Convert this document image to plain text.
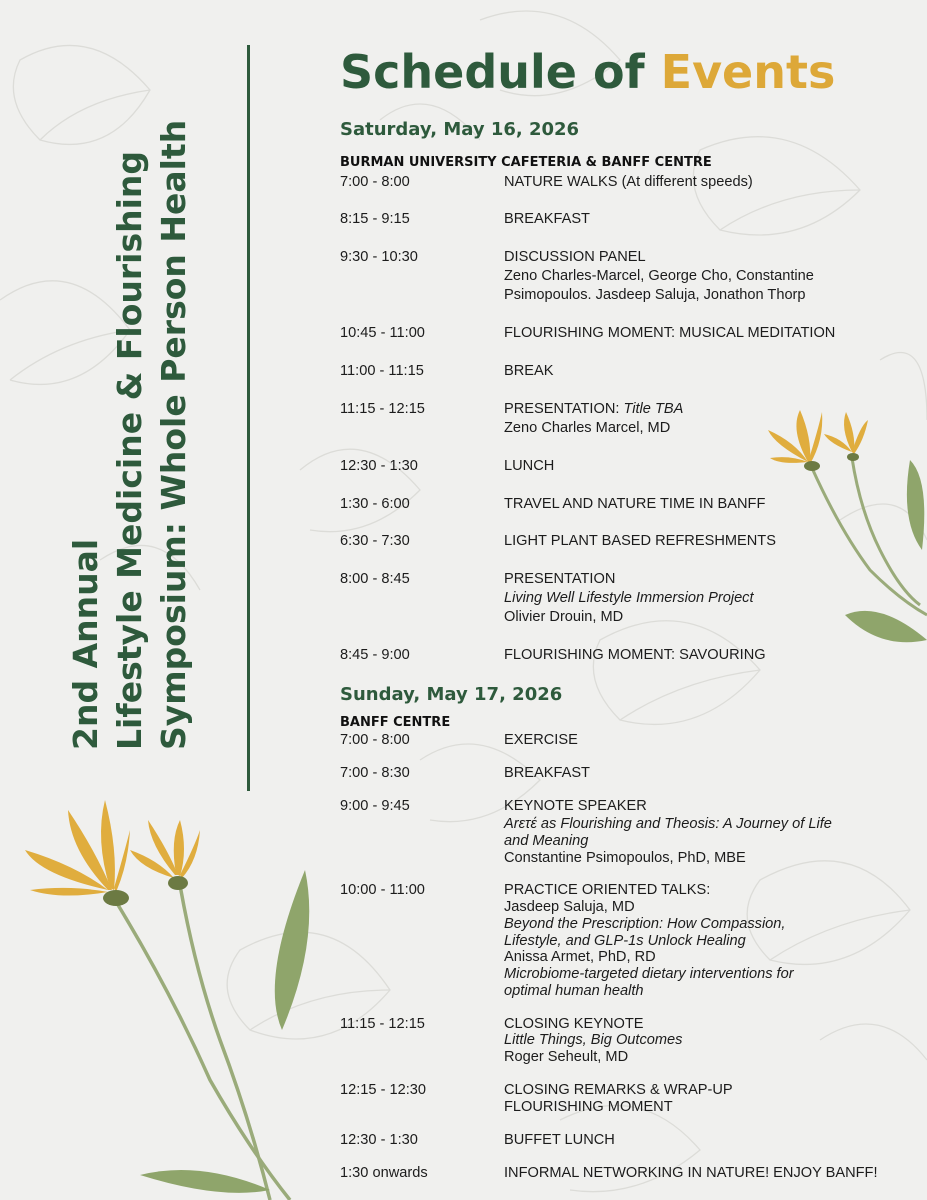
2nd Annual Lifestyle Medicine & Flourishing Symposium: Whole Person Health
Schedule of Events
Saturday, May 16, 2026
BURMAN UNIVERSITY CAFETERIA & BANFF CENTRE
7:00 - 8:00	NATURE WALKS (At different speeds)
8:15 - 9:15	BREAKFAST
9:30 - 10:30	DISCUSSION PANEL
Zeno Charles-Marcel, George Cho, Constantine
Psimopoulos. Jasdeep Saluja, Jonathon Thorp
10:45 - 11:00	FLOURISHING MOMENT: MUSICAL MEDITATION
11:00 - 11:15	BREAK
11:15 - 12:15	PRESENTATION: Title TBA
Zeno Charles Marcel, MD
12:30 - 1:30	LUNCH
1:30 - 6:00	TRAVEL AND NATURE TIME IN BANFF
6:30 - 7:30	LIGHT PLANT BASED REFRESHMENTS
8:00 - 8:45	PRESENTATION
Living Well Lifestyle Immersion Project
Olivier Drouin, MD
8:45 - 9:00	FLOURISHING MOMENT: SAVOURING
Sunday, May 17, 2026
BANFF CENTRE
7:00 - 8:00	EXERCISE
7:00 - 8:30	BREAKFAST
9:00 - 9:45	KEYNOTE SPEAKER
Arετέ as Flourishing and Theosis: A Journey of Life
and Meaning
Constantine Psimopoulos, PhD, MBE
10:00 - 11:00	PRACTICE ORIENTED TALKS:
Jasdeep Saluja, MD
Beyond the Prescription: How Compassion,
Lifestyle, and GLP-1s Unlock Healing
Anissa Armet, PhD, RD
Microbiome-targeted dietary interventions for
optimal human health
11:15 - 12:15	CLOSING KEYNOTE
Little Things, Big Outcomes
Roger Seheult, MD
12:15 - 12:30	CLOSING REMARKS & WRAP-UP
FLOURISHING MOMENT
12:30 - 1:30	BUFFET LUNCH
1:30 onwards	INFORMAL NETWORKING IN NATURE! ENJOY BANFF!
